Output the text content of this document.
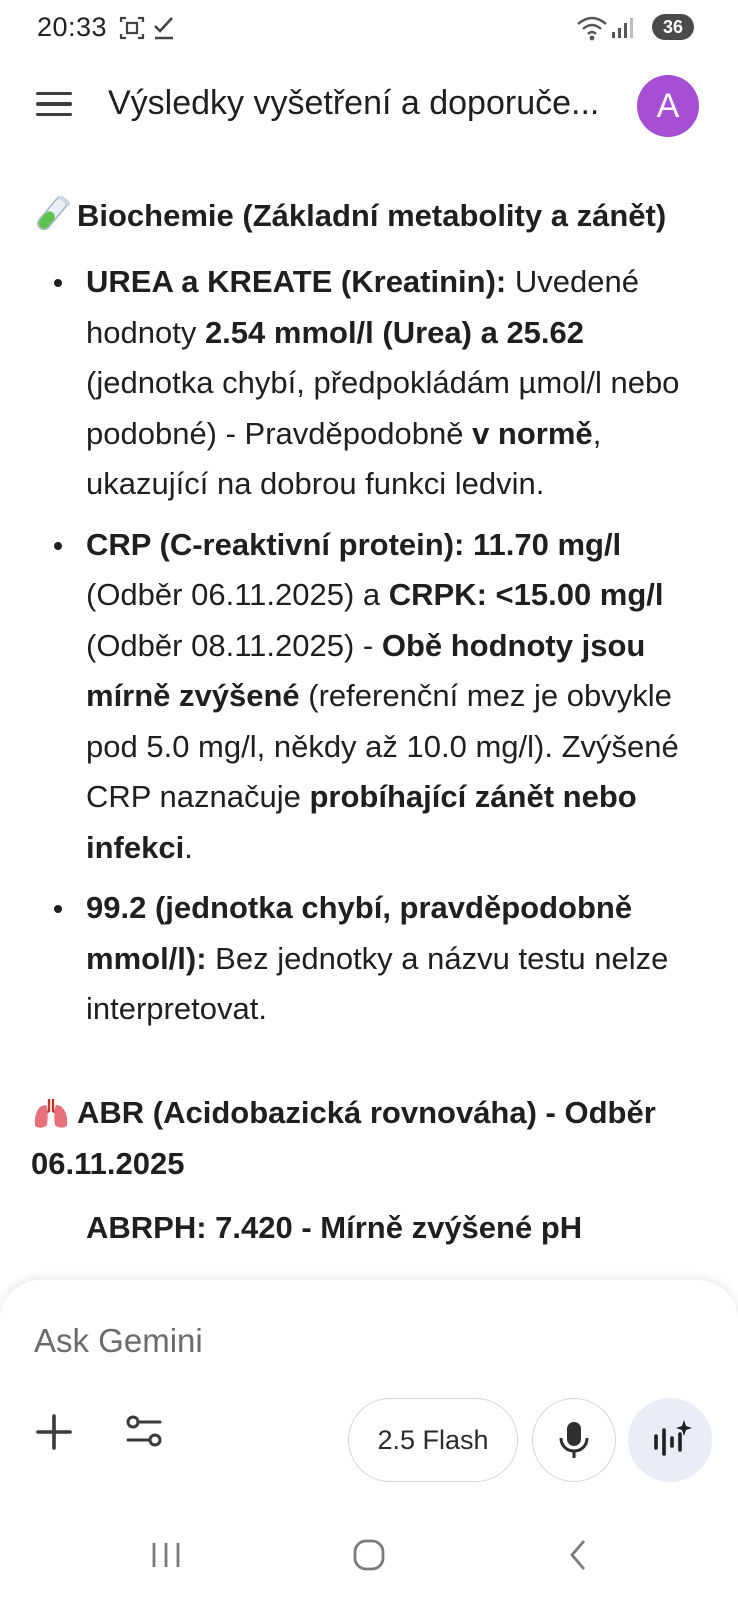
20:33	36
Výsledky vyšetření a doporuče...	A
Biochemie (Základní metabolity a zánět)
UREA a KREATE (Kreatinin): Uvedené hodnoty 2.54 mmol/l (Urea) a 25.62 (jednotka chybí, předpokládám µmol/l nebo podobné) - Pravděpodobně v normě, ukazující na dobrou funkci ledvin.
CRP (C-reaktivní protein): 11.70 mg/l (Odběr 06.11.2025) a CRPK: <15.00 mg/l (Odběr 08.11.2025) - Obě hodnoty jsou mírně zvýšené (referenční mez je obvykle pod 5.0 mg/l, někdy až 10.0 mg/l). Zvýšené CRP naznačuje probíhající zánět nebo infekci.
99.2 (jednotka chybí, pravděpodobně mmol/l): Bez jednotky a názvu testu nelze interpretovat.
ABR (Acidobazická rovnováha) - Odběr 06.11.2025
ABRPH: 7.420 - Mírně zvýšené pH
Ask Gemini
2.5 Flash
